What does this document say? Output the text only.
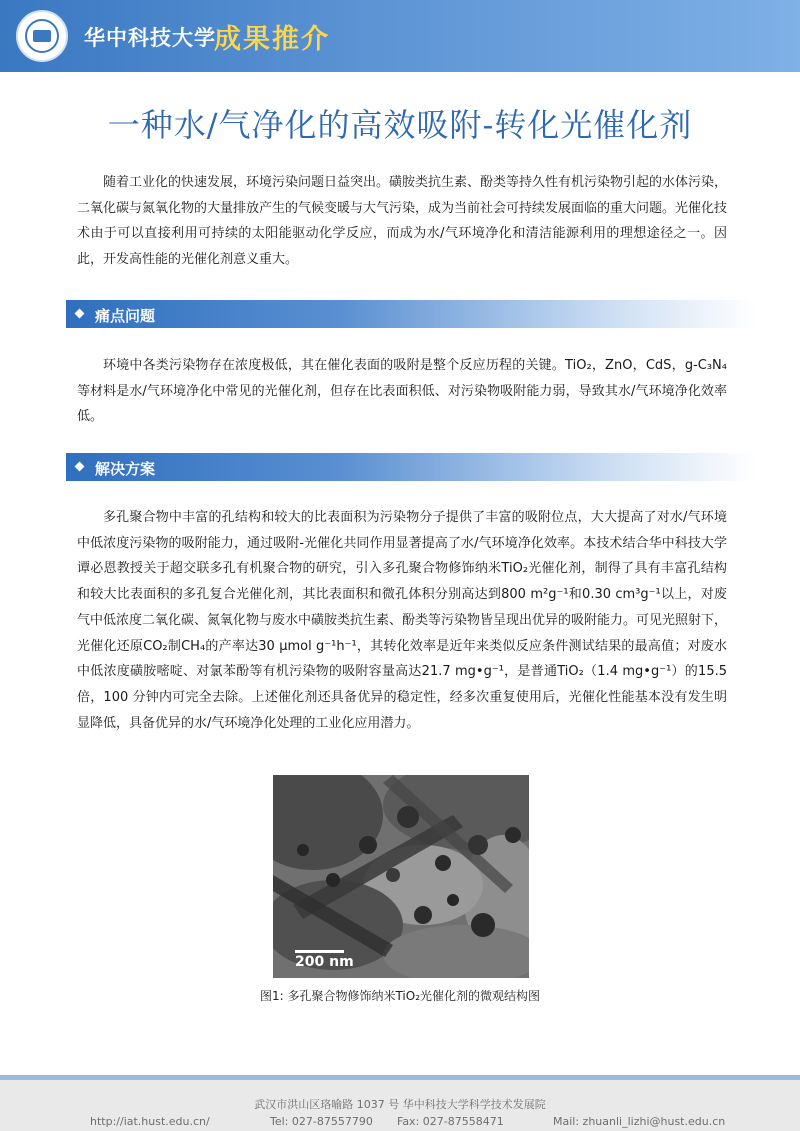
华中科技大学
成果推介
一种水/气净化的高效吸附-转化光催化剂

随着工业化的快速发展，环境污染问题日益突出。磺胺类抗生素、酚类等持久性有机污染物引起的水体污染，二氧化碳与氮氧化物的大量排放产生的气候变暖与大气污染，成为当前社会可持续发展面临的重大问题。光催化技术由于可以直接利用可持续的太阳能驱动化学反应，而成为水/气环境净化和清洁能源利用的理想途径之一。因此，开发高性能的光催化剂意义重大。

痛点问题

环境中各类污染物存在浓度极低，其在催化表面的吸附是整个反应历程的关键。TiO₂，ZnO，CdS，g-C₃N₄等材料是水/气环境净化中常见的光催化剂，但存在比表面积低、对污染物吸附能力弱，导致其水/气环境净化效率低。

解决方案

多孔聚合物中丰富的孔结构和较大的比表面积为污染物分子提供了丰富的吸附位点，大大提高了对水/气环境中低浓度污染物的吸附能力，通过吸附-光催化共同作用显著提高了水/气环境净化效率。本技术结合华中科技大学谭必恩教授关于超交联多孔有机聚合物的研究，引入多孔聚合物修饰纳米TiO₂光催化剂，制得了具有丰富孔结构和较大比表面积的多孔复合光催化剂，其比表面积和微孔体积分别高达到800 m²g⁻¹和0.30 cm³g⁻¹以上，对废气中低浓度二氧化碳、氮氧化物与废水中磺胺类抗生素、酚类等污染物皆呈现出优异的吸附能力。可见光照射下，光催化还原CO₂制CH₄的产率达30 μmol g⁻¹h⁻¹，其转化效率是近年来类似反应条件测试结果的最高值；对废水中低浓度磺胺嘧啶、对氯苯酚等有机污染物的吸附容量高达21.7 mg•g⁻¹，是普通TiO₂（1.4 mg•g⁻¹）的15.5倍，100 分钟内可完全去除。上述催化剂还具备优异的稳定性，经多次重复使用后，光催化性能基本没有发生明显降低，具备优异的水/气环境净化处理的工业化应用潜力。

200 nm
图1: 多孔聚合物修饰纳米TiO₂光催化剂的微观结构图
武汉市洪山区珞喻路 1037 号 华中科技大学科学技术发展院
http://iat.hust.edu.cn/	Tel: 027-87557790 Fax: 027-87558471	Mail: zhuanli_lizhi@hust.edu.cn
